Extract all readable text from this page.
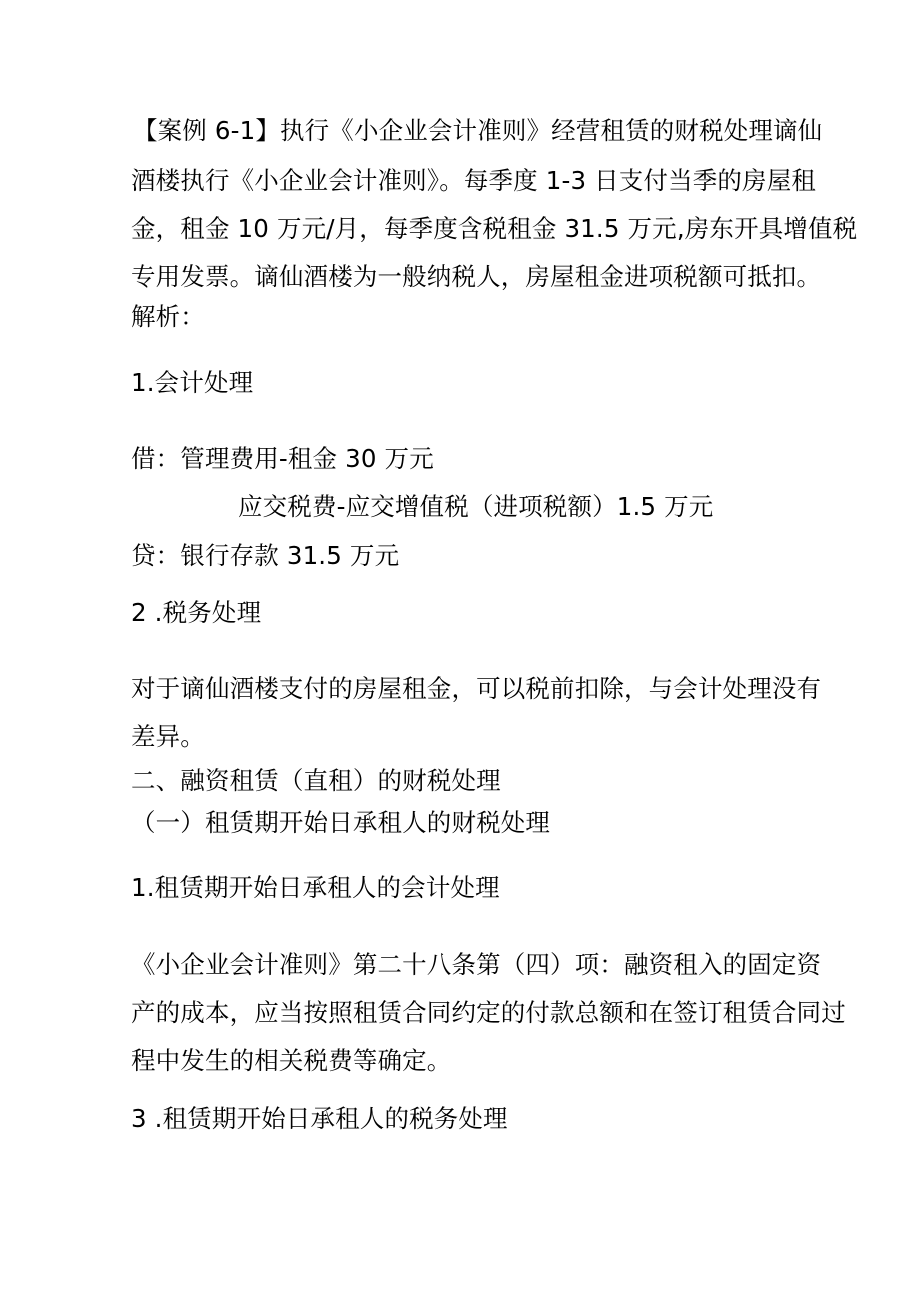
【案例 6-1】执行《小企业会计准则》经营租赁的财税处理谪仙
酒楼执行《小企业会计准则》。每季度 1-3 日支付当季的房屋租
金，租金 10 万元/月，每季度含税租金 31.5 万元,房东开具增值税
专用发票。谪仙酒楼为一般纳税人，房屋租金进项税额可抵扣。
解析：
1.会计处理
借：管理费用-租金 30 万元
应交税费-应交增值税（进项税额）1.5 万元
贷：银行存款 31.5 万元
2 .税务处理
对于谪仙酒楼支付的房屋租金，可以税前扣除，与会计处理没有
差异。
二、融资租赁（直租）的财税处理
（一）租赁期开始日承租人的财税处理
1.租赁期开始日承租人的会计处理
《小企业会计准则》第二十八条第（四）项：融资租入的固定资
产的成本，应当按照租赁合同约定的付款总额和在签订租赁合同过
程中发生的相关税费等确定。
3 .租赁期开始日承租人的税务处理
